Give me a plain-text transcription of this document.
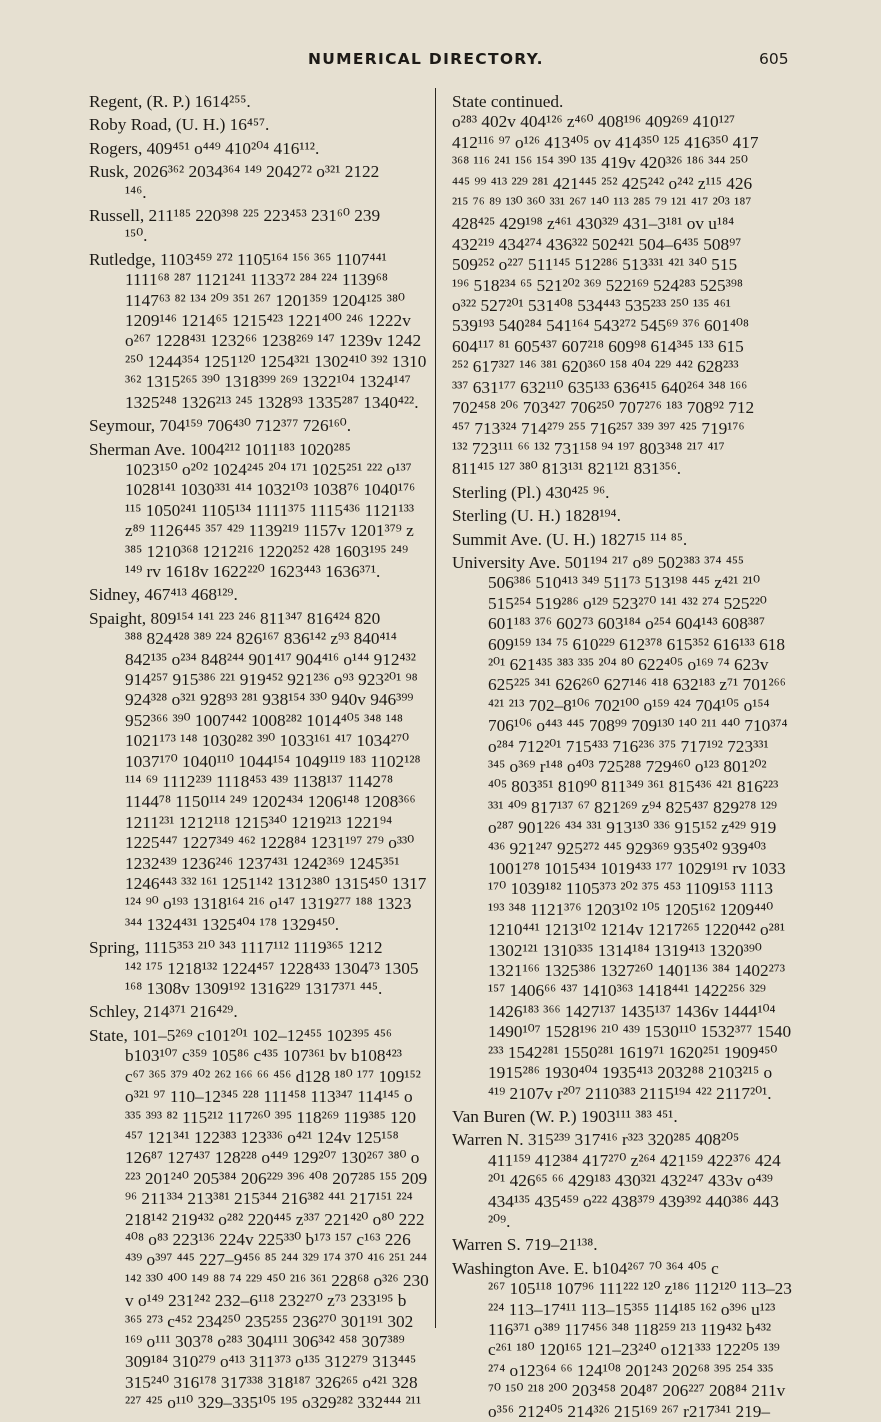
NUMERICAL DIRECTORY.	605
Regent, (R. P.) 1614²⁵⁵.
Roby Road, (U. H.) 16⁴⁵⁷.
Rogers, 409⁴⁵¹ o⁴⁴⁹ 410²⁰⁴ 416¹¹².
Rusk, 2026³⁶² 2034³⁶⁴ ¹⁴⁹ 2042⁷² o³²¹ 2122
¹⁴⁶.
Russell, 211¹⁸⁵ 220³⁹⁸ ²²⁵ 223⁴⁵³ 231⁶⁰ 239
¹⁵⁰.
Rutledge, 1103⁴⁵⁹ ²⁷² 1105¹⁶⁴ ¹⁵⁶ ³⁶⁵ 1107⁴⁴¹
1111⁶⁸ ²⁸⁷ 1121²⁴¹ 1133⁷² ²⁸⁴ ²²⁴ 1139⁶⁸
1147⁶³ ⁸² ¹³⁴ ²⁰⁹ ³⁵¹ ²⁶⁷ 1201³⁵⁹ 1204¹²⁵ ³⁸⁰
1209¹⁴⁶ 1214⁶⁵ 1215⁴²³ 1221⁴⁰⁰ ²⁴⁶ 1222v
o²⁶⁷ 1228⁴³¹ 1232⁶⁶ 1238²⁶⁹ ¹⁴⁷ 1239v 1242
²⁵⁰ 1244³⁵⁴ 1251¹²⁰ 1254³²¹ 1302⁴¹⁰ ³⁹² 1310
³⁶² 1315²⁶⁵ ³⁹⁰ 1318³⁹⁹ ²⁶⁹ 1322¹⁰⁴ 1324¹⁴⁷
1325²⁴⁸ 1326²¹³ ²⁴⁵ 1328⁹³ 1335²⁸⁷ 1340⁴²².
Seymour, 704¹⁵⁹ 706⁴³⁰ 712³⁷⁷ 726¹⁶⁰.
Sherman Ave. 1004²¹² 1011¹⁸³ 1020²⁸⁵
1023¹⁵⁰ o²⁰² 1024²⁴⁵ ²⁰⁴ ¹⁷¹ 1025²⁵¹ ²²² o¹³⁷
1028¹⁴¹ 1030³³¹ ⁴¹⁴ 1032¹⁰³ 1038⁷⁶ 1040¹⁷⁶
¹¹⁵ 1050²⁴¹ 1105¹³⁴ 1111³⁷⁵ 1115⁴³⁶ 1121¹³³
z⁸⁹ 1126⁴⁴⁵ ³⁵⁷ ⁴²⁹ 1139²¹⁹ 1157v 1201³⁷⁹ z
³⁸⁵ 1210³⁶⁸ 1212²¹⁶ 1220²⁵² ⁴²⁸ 1603¹⁹⁵ ²⁴⁹
¹⁴⁹ rv 1618v 1622²²⁰ 1623⁴⁴³ 1636³⁷¹.
Sidney, 467⁴¹³ 468¹²⁹.
Spaight, 809¹⁵⁴ ¹⁴¹ ²²³ ²⁴⁶ 811³⁴⁷ 816⁴²⁴ 820
³⁸⁸ 824⁴²⁸ ³⁸⁹ ²²⁴ 826¹⁶⁷ 836¹⁴² z⁹³ 840⁴¹⁴
842¹³⁵ o²³⁴ 848²⁴⁴ 901⁴¹⁷ 904⁴¹⁶ o¹⁴⁴ 912⁴³²
914²⁵⁷ 915³⁸⁶ ²²¹ 919⁴⁵² 921²³⁶ o⁹³ 923²⁰¹ ⁹⁸
924³²⁸ o³²¹ 928⁹³ ²⁸¹ 938¹⁵⁴ ³³⁰ 940v 946³⁹⁹
952³⁶⁶ ³⁹⁰ 1007⁴⁴² 1008²⁸² 1014⁴⁰⁵ ³⁴⁸ ¹⁴⁸
1021¹⁷³ ¹⁴⁸ 1030²⁸² ³⁹⁰ 1033¹⁶¹ ⁴¹⁷ 1034²⁷⁰
1037¹⁷⁰ 1040¹¹⁰ 1044¹⁵⁴ 1049¹¹⁹ ¹⁸³ 1102¹²⁸
¹¹⁴ ⁶⁹ 1112²³⁹ 1118⁴⁵³ ⁴³⁹ 1138¹³⁷ 1142⁷⁸
1144⁷⁸ 1150¹¹⁴ ²⁴⁹ 1202⁴³⁴ 1206¹⁴⁸ 1208³⁶⁶
1211²³¹ 1212¹¹⁸ 1215³⁴⁰ 1219²¹³ 1221⁹⁴
1225⁴⁴⁷ 1227³⁴⁹ ⁴⁶² 1228⁸⁴ 1231¹⁹⁷ ²⁷⁹ o³³⁰
1232⁴³⁹ 1236²⁴⁶ 1237⁴³¹ 1242³⁶⁹ 1245³⁵¹
1246⁴⁴³ ³³² ¹⁶¹ 1251¹⁴² 1312³⁸⁰ 1315⁴⁵⁰ 1317
¹²⁴ ⁹⁰ o¹⁹³ 1318¹⁶⁴ ²¹⁶ o¹⁴⁷ 1319²⁷⁷ ¹⁸⁸ 1323
³⁴⁴ 1324⁴³¹ 1325⁴⁰⁴ ¹⁷⁸ 1329⁴⁵⁰.
Spring, 1115³⁵³ ²¹⁰ ³⁴³ 1117¹¹² 1119³⁶⁵ 1212
¹⁴² ¹⁷⁵ 1218¹³² 1224⁴⁵⁷ 1228⁴³³ 1304⁷³ 1305
¹⁶⁸ 1308v 1309¹⁹² 1316²²⁹ 1317³⁷¹ ⁴⁴⁵.
Schley, 214³⁷¹ 216⁴²⁹.
State, 101–5²⁶⁹ c101²⁰¹ 102–12⁴⁵⁵ 102³⁹⁵ ⁴⁵⁶
b103¹⁰⁷ c³⁵⁹ 105⁸⁶ c⁴³⁵ 107³⁶¹ bv b108⁴²³
c⁶⁷ ³⁶⁵ ³⁷⁹ ⁴⁰² ²⁶² ¹⁶⁶ ⁶⁶ ⁴⁵⁶ d128 ¹⁸⁰ ¹⁷⁷ 109¹⁵²
o³²¹ ⁹⁷ 110–12³⁴⁵ ²²⁸ 111⁴⁵⁸ 113³⁴⁷ 114¹⁴⁵ o
³³⁵ ³⁹³ ⁸² 115²¹² 117²⁶⁰ ³⁹⁵ 118²⁶⁹ 119³⁸⁵ 120
⁴⁵⁷ 121³⁴¹ 122³⁸³ 123³³⁶ o⁴²¹ 124v 125¹⁵⁸
126⁸⁷ 127⁴³⁷ 128²²⁸ o⁴⁴⁹ 129²⁰⁷ 130²⁶⁷ ³⁸⁰ o
²²³ 201²⁴⁰ 205³⁸⁴ 206²²⁹ ³⁹⁶ ⁴⁰⁸ 207²⁸⁵ ¹⁵⁵ 209
⁹⁶ 211³³⁴ 213³⁸¹ 215³⁴⁴ 216³⁸² ⁴⁴¹ 217¹⁵¹ ²²⁴
218¹⁴² 219⁴³² o²⁸² 220⁴⁴⁵ z³³⁷ 221⁴²⁰ o⁸⁰ 222
⁴⁰⁸ o⁸³ 223¹³⁶ 224v 225³³⁰ b¹⁷³ ¹⁵⁷ c¹⁶³ 226
⁴³⁹ o³⁹⁷ ⁴⁴⁵ 227–9⁴⁵⁶ ⁸⁵ ²⁴⁴ ³²⁹ ¹⁷⁴ ³⁷⁰ ⁴¹⁶ ²⁵¹ ²⁴⁴
¹⁴² ³³⁰ ⁴⁰⁰ ¹⁴⁹ ⁸⁸ ⁷⁴ ²²⁹ ⁴⁵⁰ ²¹⁶ ³⁶¹ 228⁶⁸ o³²⁶ 230
v o¹⁴⁹ 231²⁴² 232–6¹¹⁸ 232²⁷⁰ z⁷³ 233¹⁹⁵ b
³⁶⁵ ²⁷³ c⁴⁵² 234²⁵⁰ 235²⁵⁵ 236²⁷⁰ 301¹⁹¹ 302
¹⁶⁹ o¹¹¹ 303⁷⁸ o²⁸³ 304¹¹¹ 306³⁴² ⁴⁵⁸ 307³⁸⁹
309¹⁸⁴ 310²⁷⁹ o⁴¹³ 311³⁷³ o¹³⁵ 312²⁷⁹ 313⁴⁴⁵
315²⁴⁰ 316¹⁷⁸ 317³³⁸ 318¹⁸⁷ 326²⁶⁵ o⁴²¹ 328
²²⁷ ⁴²⁵ o¹¹⁰ 329–335¹⁰⁵ ¹⁹⁵ o329²⁸² 332⁴⁴⁴ ²¹¹
State continued.
o²⁸³ 402v 404¹²⁶ z⁴⁶⁰ 408¹⁹⁶ 409²⁶⁹ 410¹²⁷
412¹¹⁶ ⁹⁷ o¹²⁶ 413⁴⁰⁵ ov 414³⁵⁰ ¹²⁵ 416³⁵⁰ 417
³⁶⁸ ¹¹⁶ ²⁴¹ ¹⁵⁶ ¹⁵⁴ ³⁹⁰ ¹³⁵ 419v 420³²⁶ ¹⁸⁶ ³⁴⁴ ²⁵⁰
⁴⁴⁵ ⁹⁹ ⁴¹³ ²²⁹ ²⁸¹ 421⁴⁴⁵ ²⁵² 425²⁴² o²⁴² z¹¹⁵ 426
²¹⁵ ⁷⁶ ⁸⁹ ¹³⁰ ³⁶⁰ ³³¹ ²⁶⁷ ¹⁴⁰ ¹¹³ ²⁸⁵ ⁷⁹ ¹²¹ ⁴¹⁷ ²⁰³ ¹⁸⁷
428⁴²⁵ 429¹⁹⁸ z⁴⁶¹ 430³²⁹ 431–3¹⁸¹ ov u¹⁸⁴
432²¹⁹ 434²⁷⁴ 436³²² 502⁴²¹ 504–6⁴³⁵ 508⁹⁷
509²⁵² o²²⁷ 511¹⁴⁵ 512²⁸⁶ 513³³¹ ⁴²¹ ³⁴⁰ 515
¹⁹⁶ 518²³⁴ ⁶⁵ 521²⁰² ³⁶⁹ 522¹⁶⁹ 524²⁸³ 525³⁹⁸
o³²² 527²⁰¹ 531⁴⁰⁸ 534⁴⁴³ 535²³³ ²⁵⁰ ¹³⁵ ⁴⁶¹
539¹⁹³ 540²⁸⁴ 541¹⁶⁴ 543²⁷² 545⁶⁹ ³⁷⁶ 601⁴⁰⁸
604¹¹⁷ ⁸¹ 605⁴³⁷ 607²¹⁸ 609⁹⁸ 614³⁴⁵ ¹³³ 615
²⁵² 617³²⁷ ¹⁴⁶ ³⁸¹ 620³⁶⁰ ¹⁵⁸ ⁴⁰⁴ ²²⁹ ⁴⁴² 628²³³
³³⁷ 631¹⁷⁷ 632¹¹⁰ 635¹³³ 636⁴¹⁵ 640²⁶⁴ ³⁴⁸ ¹⁶⁶
702⁴⁵⁸ ²⁰⁶ 703⁴²⁷ 706²⁵⁰ 707²⁷⁶ ¹⁸³ 708⁹² 712
⁴⁵⁷ 713³²⁴ 714²⁷⁹ ²⁵⁵ 716²⁵⁷ ³³⁹ ³⁹⁷ ⁴²⁵ 719¹⁷⁶
¹³² 723¹¹¹ ⁶⁶ ¹³² 731¹⁵⁸ ⁹⁴ ¹⁹⁷ 803³⁴⁸ ²¹⁷ ⁴¹⁷
811⁴¹⁵ ¹²⁷ ³⁸⁰ 813¹³¹ 821¹²¹ 831³⁵⁶.
Sterling (Pl.) 430⁴²⁵ ⁹⁶.
Sterling (U. H.) 1828¹⁹⁴.
Summit Ave. (U. H.) 1827¹⁵ ¹¹⁴ ⁸⁵.
University Ave. 501¹⁹⁴ ²¹⁷ o⁸⁹ 502³⁸³ ³⁷⁴ ⁴⁵⁵
506³⁸⁶ 510⁴¹³ ³⁴⁹ 511⁷³ 513¹⁹⁸ ⁴⁴⁵ z⁴²¹ ²¹⁰
515²⁵⁴ 519²⁸⁶ o¹²⁹ 523²⁷⁰ ¹⁴¹ ⁴³² ²⁷⁴ 525²²⁰
601¹⁸³ ³⁷⁶ 602⁷³ 603¹⁸⁴ o²⁵⁴ 604¹⁴³ 608³⁸⁷
609¹⁵⁹ ¹³⁴ ⁷⁵ 610²²⁹ 612³⁷⁸ 615³⁵² 616¹³³ 618
²⁰¹ 621⁴³⁵ ³⁸³ ³³⁵ ²⁰⁴ ⁸⁰ 622⁴⁰⁵ o¹⁶⁹ ⁷⁴ 623v
625²²⁵ ³⁴¹ 626²⁶⁰ 627¹⁴⁶ ⁴¹⁸ 632¹⁸³ z⁷¹ 701²⁶⁶
⁴²¹ ²¹³ 702–8¹⁰⁶ 702¹⁰⁰ o¹⁵⁹ ⁴²⁴ 704¹⁰⁵ o¹⁵⁴
706¹⁰⁶ o⁴⁴³ ⁴⁴⁵ 708⁹⁹ 709¹³⁰ ¹⁴⁰ ²¹¹ ⁴⁴⁰ 710³⁷⁴
o²⁸⁴ 712²⁰¹ 715⁴³³ 716²³⁶ ³⁷⁵ 717¹⁹² 723³³¹
³⁴⁵ o³⁶⁹ r¹⁴⁸ o⁴⁰³ 725²⁸⁸ 729⁴⁶⁰ o¹²³ 801²⁰²
⁴⁰⁵ 803³⁵¹ 810⁹⁰ 811³⁴⁹ ³⁶¹ 815⁴³⁶ ⁴²¹ 816²²³
³³¹ ⁴⁰⁹ 817¹³⁷ ⁶⁷ 821²⁶⁹ z⁹⁴ 825⁴³⁷ 829²⁷⁸ ¹²⁹
o²⁸⁷ 901²²⁶ ⁴³⁴ ³³¹ 913¹³⁰ ³³⁶ 915¹⁵² z⁴²⁹ 919
⁴³⁶ 921²⁴⁷ 925²⁷² ⁴⁴⁵ 929³⁶⁹ 935⁴⁰² 939⁴⁰³
1001²⁷⁸ 1015⁴³⁴ 1019⁴³³ ¹⁷⁷ 1029¹⁹¹ rv 1033
¹⁷⁰ 1039¹⁸² 1105³⁷³ ²⁰² ³⁷⁵ ⁴⁵³ 1109¹⁵³ 1113
¹⁹³ ³⁴⁸ 1121³⁷⁶ 1203¹⁰² ¹⁰⁵ 1205¹⁶² 1209⁴⁴⁰
1210⁴⁴¹ 1213¹⁰² 1214v 1217²⁶⁵ 1220⁴⁴² o²⁸¹
1302¹²¹ 1310³³⁵ 1314¹⁸⁴ 1319⁴¹³ 1320³⁹⁰
1321¹⁶⁶ 1325³⁸⁶ 1327²⁶⁰ 1401¹³⁶ ³⁸⁴ 1402²⁷³
¹⁵⁷ 1406⁶⁶ ⁴³⁷ 1410³⁶³ 1418⁴⁴¹ 1422²⁵⁶ ³²⁹
1426¹⁸³ ³⁶⁶ 1427¹³⁷ 1435¹³⁷ 1436v 1444¹⁰⁴
1490¹⁰⁷ 1528¹⁹⁶ ²¹⁰ ⁴³⁹ 1530¹¹⁰ 1532³⁷⁷ 1540
²³³ 1542²⁸¹ 1550²⁸¹ 1619⁷¹ 1620²⁵¹ 1909⁴⁵⁰
1915²⁸⁶ 1930⁴⁰⁴ 1935⁴¹³ 2032⁸⁸ 2103²¹⁵ o
⁴¹⁹ 2107v r²⁰⁷ 2110³⁸³ 2115¹⁹⁴ ⁴²² 2117²⁰¹.
Van Buren (W. P.) 1903¹¹¹ ³⁸³ ⁴⁵¹.
Warren N. 315²³⁹ 317⁴¹⁶ r³²³ 320²⁸⁵ 408²⁰⁵
411¹⁵⁹ 412³⁸⁴ 417²⁷⁰ z²⁶⁴ 421¹⁵⁹ 422³⁷⁶ 424
²⁰¹ 426⁶⁵ ⁶⁶ 429¹⁸³ 430³²¹ 432²⁴⁷ 433v o⁴³⁹
434¹³⁵ 435⁴⁵⁹ o²²² 438³⁷⁹ 439³⁹² 440³⁸⁶ 443
²⁰⁹.
Warren S. 719–21¹³⁸.
Washington Ave. E. b104²⁶⁷ ⁷⁰ ³⁶⁴ ⁴⁰⁵ c
²⁶⁷ 105¹¹⁸ 107⁹⁶ 111²²² ¹²⁰ z¹⁸⁶ 112¹²⁰ 113–23
²²⁴ 113–17⁴¹¹ 113–15³⁵⁵ 114¹⁸⁵ ¹⁶² o³⁹⁶ u¹²³
116³⁷¹ o³⁸⁹ 117⁴⁵⁶ ³⁴⁸ 118²⁵⁹ ²¹³ 119⁴³² b⁴³²
c²⁶¹ ¹⁸⁰ 120¹⁶⁵ 121–23²⁴⁰ o121³³³ 122²⁰⁵ ¹³⁹
²⁷⁴ o123⁶⁴ ⁶⁶ 124¹⁰⁸ 201²⁴³ 202⁶⁸ ³⁹⁵ ²⁵⁴ ³³⁵
⁷⁰ ¹⁵⁰ ²¹⁸ ²⁰⁰ 203⁴⁵⁸ 204⁸⁷ 206²²⁷ 208⁸⁴ 211v
o³⁵⁶ 212⁴⁰⁵ 214³²⁶ 215¹⁶⁹ ²⁶⁷ r217³⁴¹ 219–
